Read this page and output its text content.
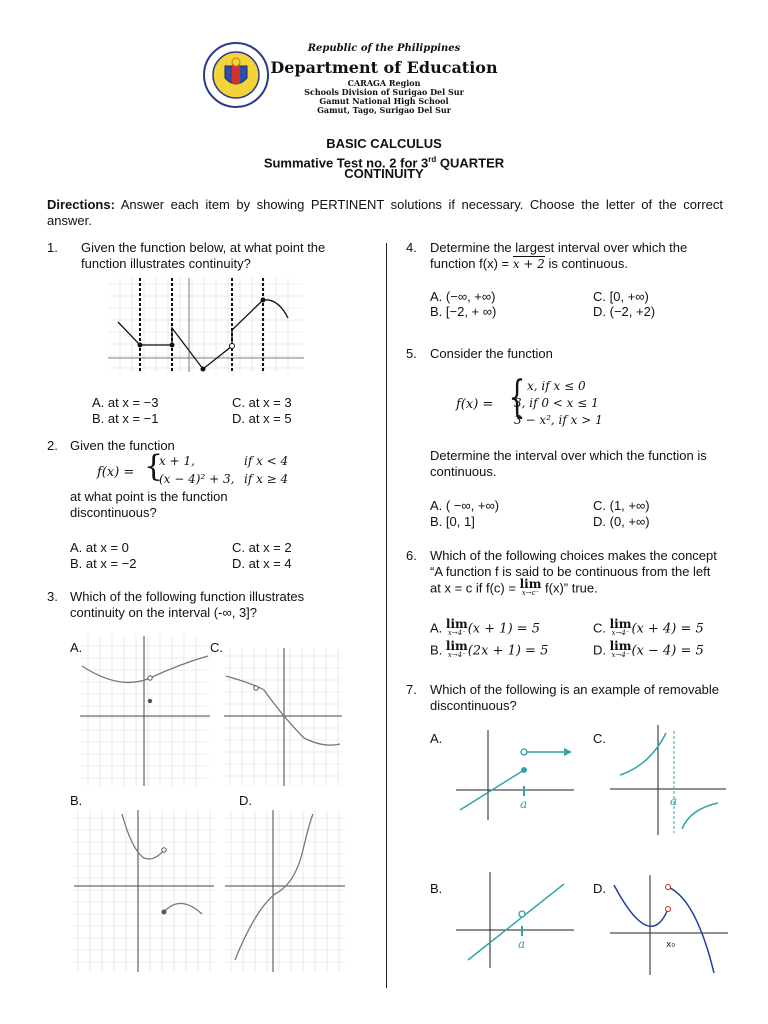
Republic of the Philippines
Department of Education
CARAGA Region
Schools Division of Surigao Del Sur
Gamut National High School
Gamut, Tago, Surigao Del Sur
BASIC CALCULUS
Summative Test no. 2 for 3rd QUARTER
CONTINUITY
Directions: Answer each item by showing PERTINENT solutions if necessary. Choose the letter of the correct answer.
1. Given the function below, at what point the function illustrates continuity?
A. at x = −3
B. at x = −1
C. at x = 3
D. at x = 5
2. Given the function
f(x) = {
x + 1,	if x < 4
(x − 4)² + 3, if x ≥ 4
at what point is the function discontinuous?
A. at x = 0
B. at x = −2
C. at x = 2
D. at x = 4
3. Which of the following function illustrates continuity on the interval (-∞, 3]?
A.	C.
B.	D.
4. Determine the largest interval over which the function f(x) = x + 2 is continuous.
A. (−∞, +∞)
B. [−2, + ∞)
C. [0, +∞)
D. (−2, +2)
5. Consider the function
f(x) = { x, if x ≤ 0
3, if 0 < x ≤ 1
3 − x², if x > 1
Determine the interval over which the function is continuous.
A. ( −∞, +∞)
B. [0, 1]
C. (1, +∞)
D. (0, +∞)
6. Which of the following choices makes the concept “A function f is said to be continuous from the left at x = c if f(c) = lim
x→c⁻ f(x)” true.
A. lim
x→4⁻ (x + 1) = 5
B. lim
x→4⁻ (2x + 1) = 5
C. lim
x→4⁻ (x + 4) = 5
D. lim
x→4⁻ (x − 4) = 5
7. Which of the following is an example of removable discontinuous?
A.	C.
B.	D.
a	a
a	x₀
